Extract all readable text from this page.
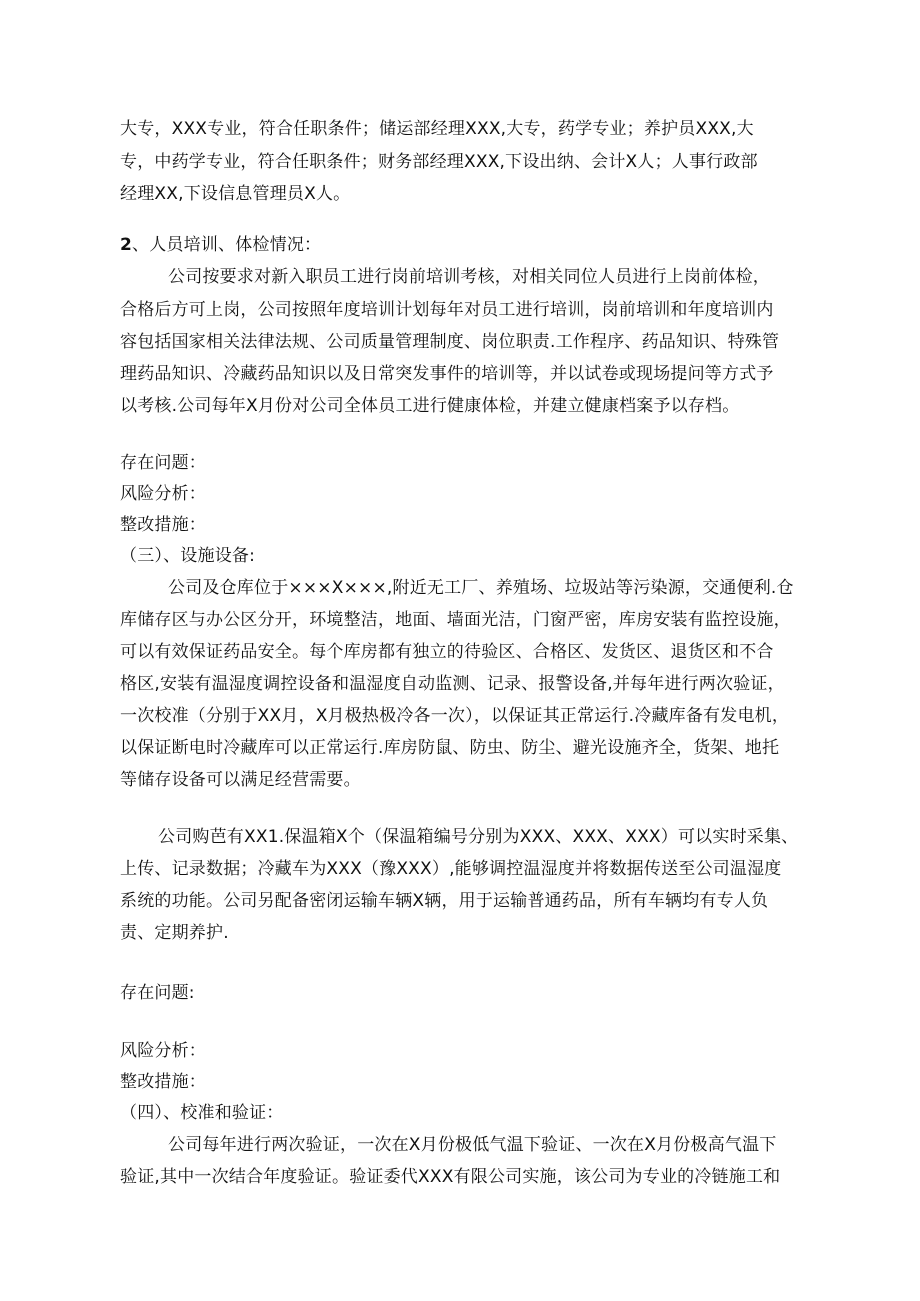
大专，XXX专业，符合任职条件；储运部经理XXX,大专，药学专业；养护员XXX,大
专，中药学专业，符合任职条件；财务部经理XXX,下设出纳、会计X人；人事行政部
经理XX,下设信息管理员X人。
2、人员培训、体检情况：
公司按要求对新入职员工进行岗前培训考核，对相关同位人员进行上岗前体检，
合格后方可上岗，公司按照年度培训计划每年对员工进行培训，岗前培训和年度培训内
容包括国家相关法律法规、公司质量管理制度、岗位职责.工作程序、药品知识、特殊管
理药品知识、冷藏药品知识以及日常突发事件的培训等，并以试卷或现场提问等方式予
以考核.公司每年X月份对公司全体员工进行健康体检，并建立健康档案予以存档。
存在问题：
风险分析：
整改措施：
（三）、设施设备:
公司及仓库位于×××X×××,附近无工厂、养殖场、垃圾站等污染源，交通便利.仓
库储存区与办公区分开，环境整洁，地面、墙面光洁，门窗严密，库房安装有监控设施，
可以有效保证药品安全。每个库房都有独立的待验区、合格区、发货区、退货区和不合
格区,安装有温湿度调控设备和温湿度自动监测、记录、报警设备,并每年进行两次验证，
一次校准（分别于XX月，X月极热极冷各一次），以保证其正常运行.冷藏库备有发电机，
以保证断电时冷藏库可以正常运行.库房防鼠、防虫、防尘、避光设施齐全，货架、地托
等储存设备可以满足经营需要。
公司购芭有XX1.保温箱X个（保温箱编号分别为XXX、XXX、XXX）可以实时采集、
上传、记录数据；冷藏车为XXX（豫XXX）,能够调控温湿度并将数据传送至公司温湿度
系统的功能。公司另配备密闭运输车辆X辆，用于运输普通药品，所有车辆均有专人负
责、定期养护.
存在问题:
风险分析：
整改措施：
（四）、校准和验证：
公司每年进行两次验证，一次在X月份极低气温下验证、一次在X月份极高气温下
验证,其中一次结合年度验证。验证委代XXX有限公司实施，该公司为专业的冷链施工和
